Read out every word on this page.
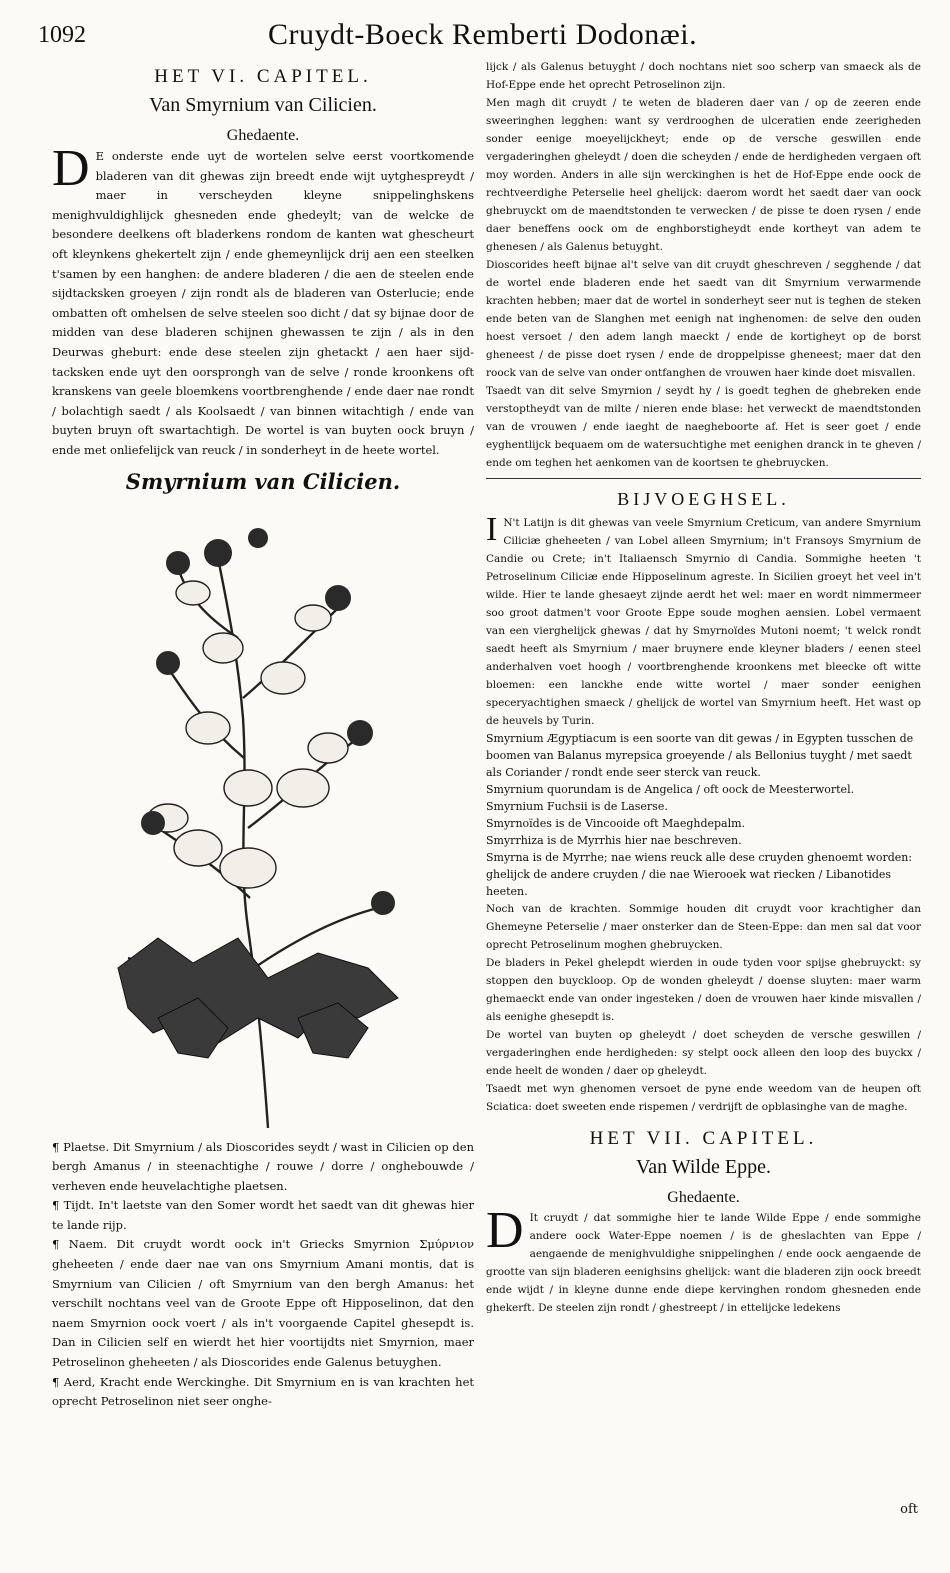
1092	Cruydt-Boeck Remberti Dodonæi.
HET VI. CAPITEL.
Van Smyrnium van Cilicien.
Ghedaente.

D E onderste ende uyt de wortelen selve eerst voortkomende bladeren van dit ghewas zijn breedt ende wijt uytghespreydt / maer in verscheyden kleyne snippelinghskens menighvuldighlijck ghesneden ende ghedeylt; van de welcke de besondere deelkens oft bladerkens rondom de kanten wat ghescheurt oft kleynkens ghekertelt zijn / ende ghemeynlijck drij aen een steelken t'samen by een hanghen: de andere bladeren / die aen de steelen ende sijdtacksken groeyen / zijn rondt als de bladeren van Osterlucie; ende ombatten oft omhelsen de selve steelen soo dicht / dat sy bijnae door de midden van dese bladeren schijnen ghewassen te zijn / als in den Deurwas gheburt: ende dese steelen zijn ghetackt / aen haer sijd-tacksken ende uyt den oorsprongh van de selve / ronde kroonkens oft kranskens van geele bloemkens voortbrenghende / ende daer nae rondt / bolachtigh saedt / als Koolsaedt / van binnen witachtigh / ende van buyten bruyn oft swartachtigh. De wortel is van buyten oock bruyn / ende met onliefelijck van reuck / in sonderheyt in de heete wortel.

Smyrnium van Cilicien.

¶ Plaetse. Dit Smyrnium / als Dioscorides seydt / wast in Cilicien op den bergh Amanus / in steenachtighe / rouwe / dorre / onghebouwde / verheven ende heuvelachtighe plaetsen.

¶ Tijdt. In't laetste van den Somer wordt het saedt van dit ghewas hier te lande rijp.

¶ Naem. Dit cruydt wordt oock in't Griecks Smyrnion Σμύρνιον gheheeten / ende daer nae van ons Smyrnium Amani montis, dat is Smyrnium van Cilicien / oft Smyrnium van den bergh Amanus: het verschilt nochtans veel van de Groote Eppe oft Hipposelinon, dat den naem Smyrnion oock voert / als in't voorgaende Capitel ghesepdt is. Dan in Cilicien self en wierdt het hier voortijdts niet Smyrnion, maer Petroselinon gheheeten / als Dioscorides ende Galenus betuyghen.

¶ Aerd, Kracht ende Werckinghe. Dit Smyrnium en is van krachten het oprecht Petroselinon niet seer onghe-

lijck / als Galenus betuyght / doch nochtans niet soo scherp van smaeck als de Hof-Eppe ende het oprecht Petroselinon zijn.

Men magh dit cruydt / te weten de bladeren daer van / op de zeeren ende sweeringhen legghen: want sy verdrooghen de ulceratien ende zeerigheden sonder eenige moeyelijckheyt; ende op de versche geswillen ende vergaderinghen gheleydt / doen die scheyden / ende de herdigheden vergaen oft moy worden. Anders in alle sijn werckinghen is het de Hof-Eppe ende oock de rechtveerdighe Peterselie heel ghelijck: daerom wordt het saedt daer van oock ghebruyckt om de maendtstonden te verwecken / de pisse te doen rysen / ende daer beneffens oock om de enghborstigheydt ende kortheyt van adem te ghenesen / als Galenus betuyght.

Dioscorides heeft bijnae al't selve van dit cruydt gheschreven / segghende / dat de wortel ende bladeren ende het saedt van dit Smyrnium verwarmende krachten hebben; maer dat de wortel in sonderheyt seer nut is teghen de steken ende beten van de Slanghen met eenigh nat inghenomen: de selve den ouden hoest versoet / den adem langh maeckt / ende de kortigheyt op de borst gheneest / de pisse doet rysen / ende de droppelpisse gheneest; maer dat den roock van de selve van onder ontfanghen de vrouwen haer kinde doet misvallen.

Tsaedt van dit selve Smyrnion / seydt hy / is goedt teghen de ghebreken ende verstoptheydt van de milte / nieren ende blase: het verweckt de maendtstonden van de vrouwen / ende iaeght de naegheboorte af. Het is seer goet / ende eyghentlijck bequaem om de watersuchtighe met eenighen dranck in te gheven / ende om teghen het aenkomen van de koortsen te ghebruycken.

BIJVOEGHSEL.

I N't Latijn is dit ghewas van veele Smyrnium Creticum, van andere Smyrnium Ciliciæ gheheeten / van Lobel alleen Smyrnium; in't Fransoys Smyrnium de Candie ou Crete; in't Italiaensch Smyrnio di Candia. Sommighe heeten 't Petroselinum Ciliciæ ende Hipposelinum agreste. In Sicilien groeyt het veel in't wilde. Hier te lande ghesaeyt zijnde aerdt het wel: maer en wordt nimmermeer soo groot datmen't voor Groote Eppe soude moghen aensien. Lobel vermaent van een vierghelijck ghewas / dat hy Smyrnoïdes Mutoni noemt; 't welck rondt saedt heeft als Smyrnium / maer bruynere ende kleyner bladers / eenen steel anderhalven voet hoogh / voortbrenghende kroonkens met bleecke oft witte bloemen: een lanckhe ende witte wortel / maer sonder eenighen speceryachtighen smaeck / ghelijck de wortel van Smyrnium heeft. Het wast op de heuvels by Turin.

Smyrnium Ægyptiacum is een soorte van dit gewas / in Egypten tusschen de boomen van Balanus myrepsica groeyende / als Bellonius tuyght / met saedt als Coriander / rondt ende seer sterck van reuck.

Smyrnium quorundam is de Angelica / oft oock de Meesterwortel.

Smyrnium Fuchsii is de Laserse.

Smyrnoïdes is de Vincooide oft Maeghdepalm.

Smyrrhiza is de Myrrhis hier nae beschreven.

Smyrna is de Myrrhe; nae wiens reuck alle dese cruyden ghenoemt worden: ghelijck de andere cruyden / die nae Wierooek wat riecken / Libanotides heeten.

Noch van de krachten. Sommige houden dit cruydt voor krachtigher dan Ghemeyne Peterselie / maer onsterker dan de Steen-Eppe: dan men sal dat voor oprecht Petroselinum moghen ghebruycken.

De bladers in Pekel ghelepdt wierden in oude tyden voor spijse ghebruyckt: sy stoppen den buyckloop. Op de wonden gheleydt / doense sluyten: maer warm ghemaeckt ende van onder ingesteken / doen de vrouwen haer kinde misvallen / als eenighe ghesepdt is.

De wortel van buyten op gheleydt / doet scheyden de versche geswillen / vergaderinghen ende herdigheden: sy stelpt oock alleen den loop des buyckx / ende heelt de wonden / daer op gheleydt.

Tsaedt met wyn ghenomen versoet de pyne ende weedom van de heupen oft Sciatica: doet sweeten ende rispemen / verdrijft de opblasinghe van de maghe.

HET VII. CAPITEL.
Van Wilde Eppe.
Ghedaente.

D It cruydt / dat sommighe hier te lande Wilde Eppe / ende sommighe andere oock Water-Eppe noemen / is de gheslachten van Eppe / aengaende de menighvuldighe snippelinghen / ende oock aengaende de grootte van sijn bladeren eenighsins ghelijck: want die bladeren zijn oock breedt ende wijdt / in kleyne dunne ende diepe kervinghen rondom ghesneden ende ghekerft. De steelen zijn rondt / ghestreept / in ettelijcke ledekens

oft
